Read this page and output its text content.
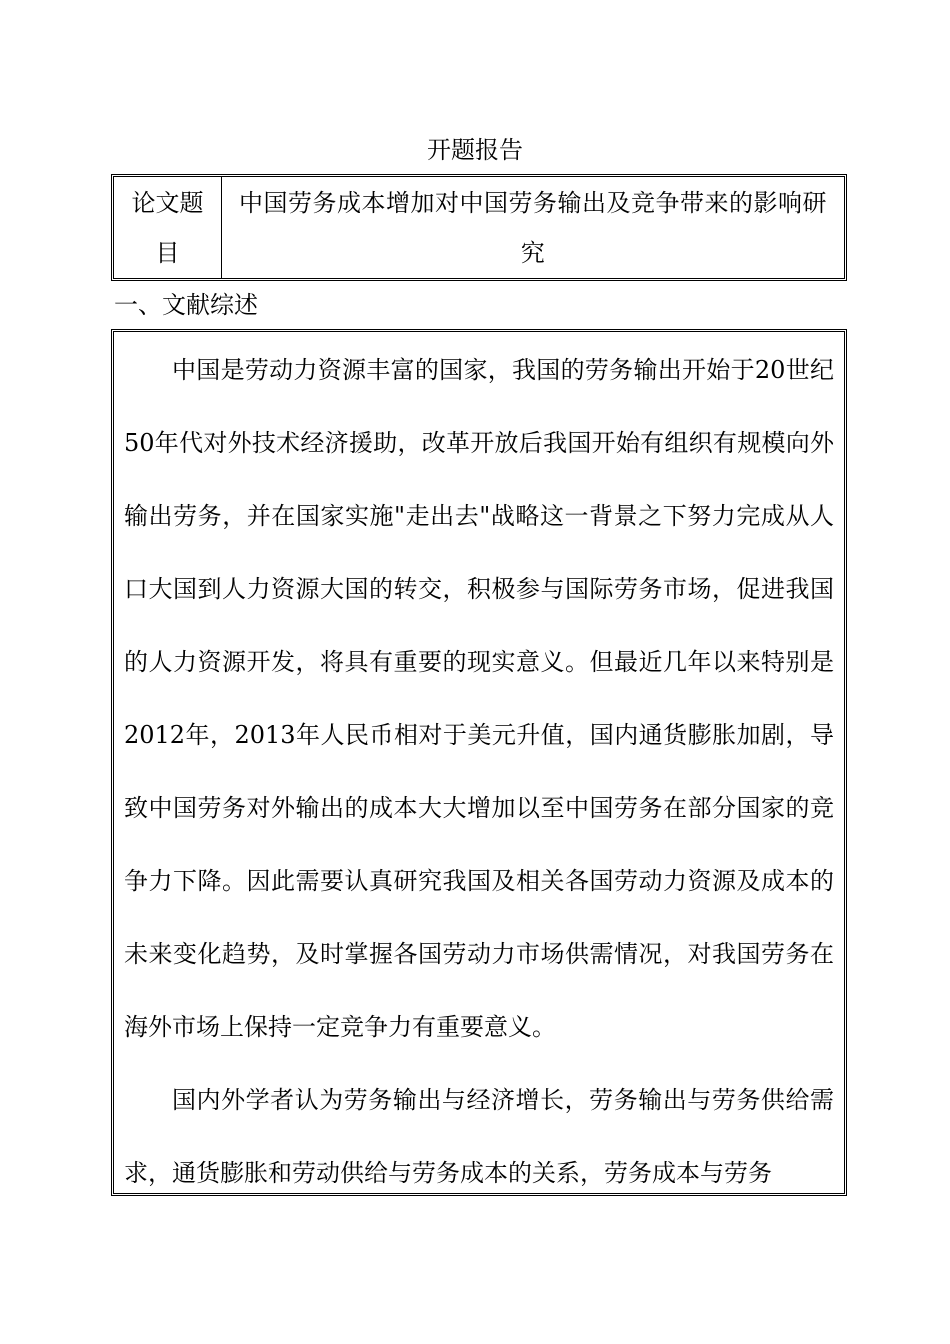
开题报告
论文题目
中国劳务成本增加对中国劳务输出及竞争带来的影响研究
一、文献综述

中国是劳动力资源丰富的国家，我国的劳务输出开始于20世纪50年代对外技术经济援助，改革开放后我国开始有组织有规模向外输出劳务，并在国家实施"走出去"战略这一背景之下努力完成从人口大国到人力资源大国的转交，积极参与国际劳务市场，促进我国的人力资源开发，将具有重要的现实意义。但最近几年以来特别是2012年，2013年人民币相对于美元升值，国内通货膨胀加剧，导致中国劳务对外输出的成本大大增加以至中国劳务在部分国家的竞争力下降。因此需要认真研究我国及相关各国劳动力资源及成本的未来变化趋势，及时掌握各国劳动力市场供需情况，对我国劳务在海外市场上保持一定竞争力有重要意义。

国内外学者认为劳务输出与经济增长，劳务输出与劳务供给需求，通货膨胀和劳动供给与劳务成本的关系，劳务成本与劳务
